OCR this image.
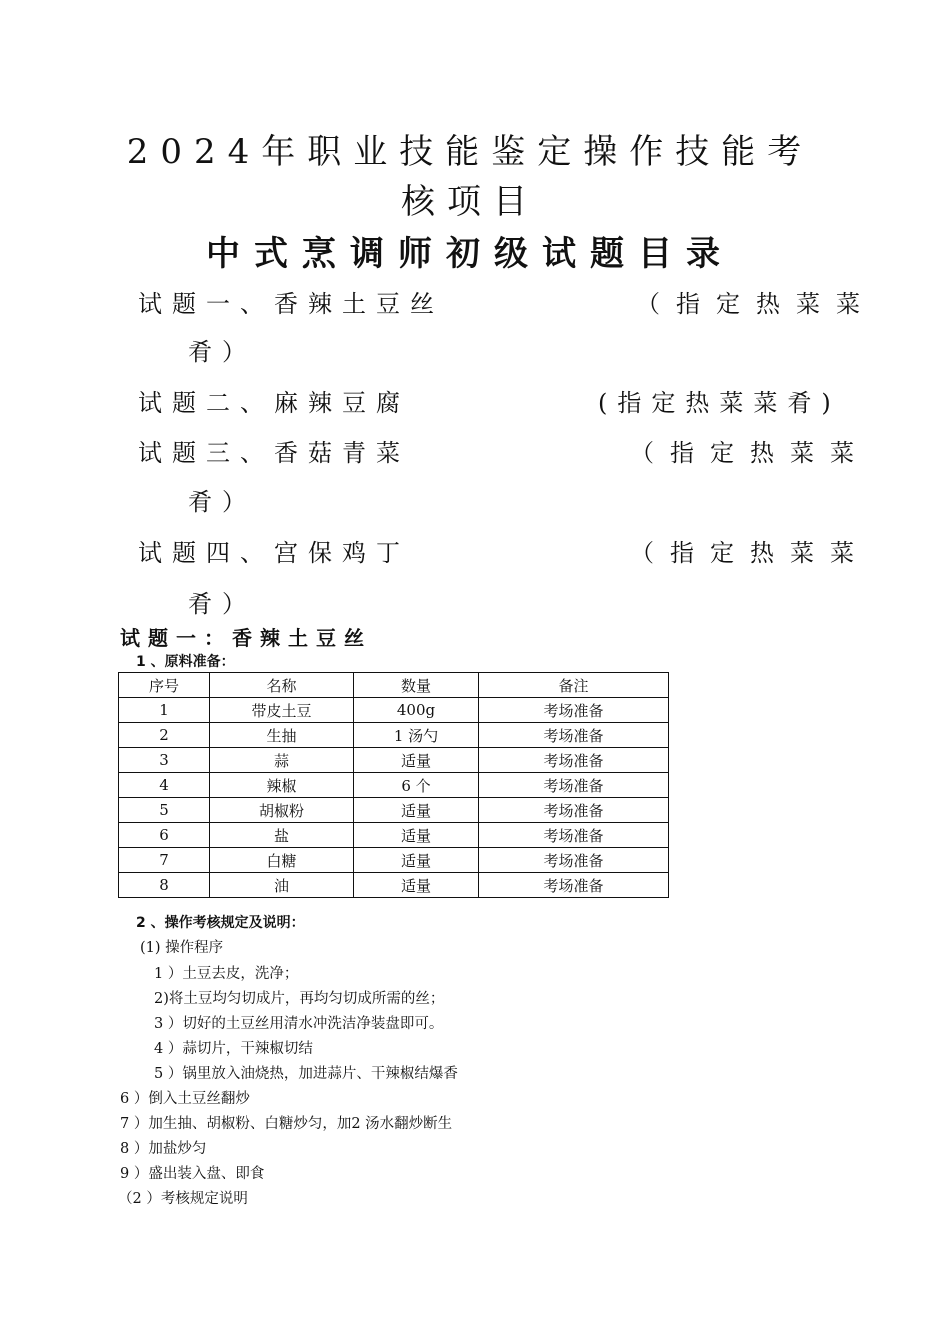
2024年职业技能鉴定操作技能考
核项目
中式烹调师初级试题目录
试题一、香辣土豆丝	（指定热菜菜
肴）
试题二、麻辣豆腐	(指定热菜菜肴)
试题三、香菇青菜	（指定热菜菜
肴）
试题四、宫保鸡丁	（指定热菜菜
肴）
试题一：香辣土豆丝
1 、原料准备：
序号	名称	数量	备注
1	带皮土豆	400g	考场准备
2	生抽	1 汤勺	考场准备
3	蒜	适量	考场准备
4	辣椒	6 个	考场准备
5	胡椒粉	适量	考场准备
6	盐	适量	考场准备
7	白糖	适量	考场准备
8	油	适量	考场准备
2 、操作考核规定及说明：
(1) 操作程序
1 ）土豆去皮，洗净；
2)将土豆均匀切成片，再均匀切成所需的丝；
3 ）切好的土豆丝用清水冲洗洁净装盘即可。
4 ）蒜切片，干辣椒切结
5 ）锅里放入油烧热，加进蒜片、干辣椒结爆香
6 ）倒入土豆丝翻炒
7 ）加生抽、胡椒粉、白糖炒匀，加2 汤水翻炒断生
8 ）加盐炒匀
9 ）盛出装入盘、即食
（2 ）考核规定说明
